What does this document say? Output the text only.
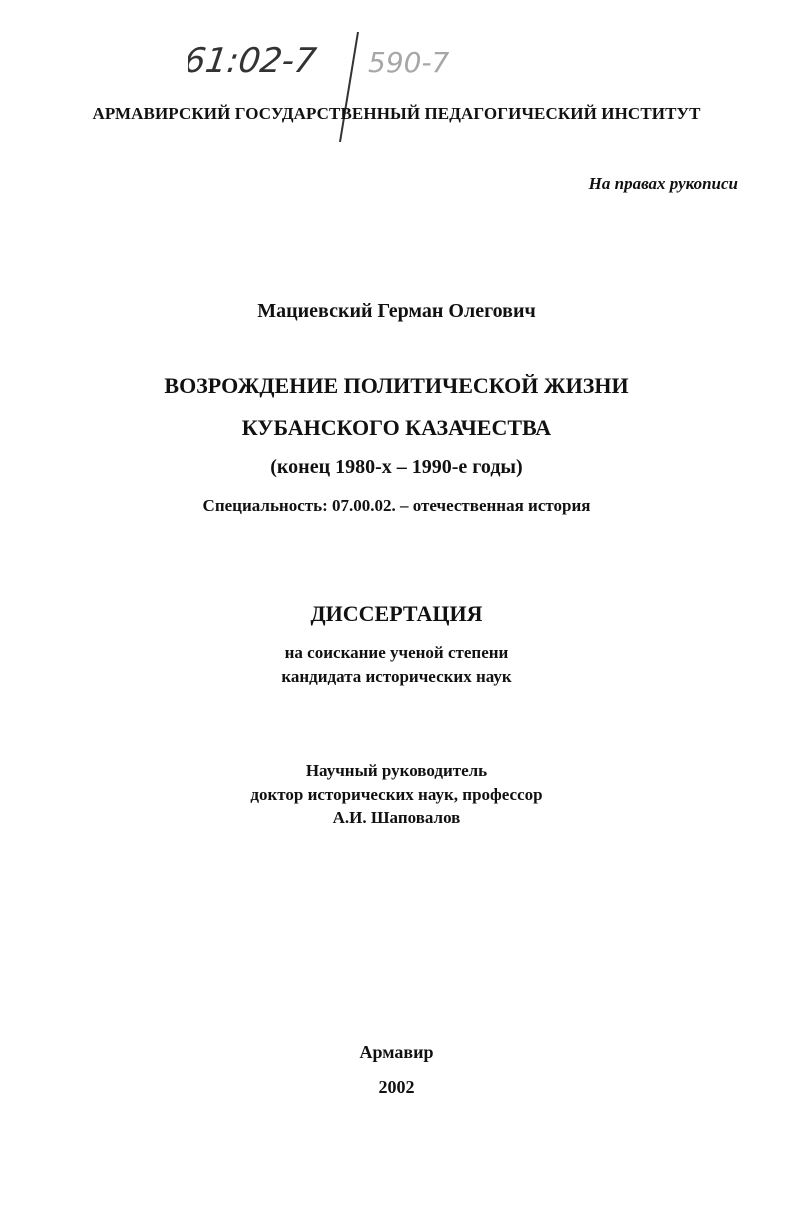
61:02-7 590-7
АРМАВИРСКИЙ ГОСУДАРСТВЕННЫЙ ПЕДАГОГИЧЕСКИЙ ИНСТИТУТ
На правах рукописи
Мациевский Герман Олегович
ВОЗРОЖДЕНИЕ ПОЛИТИЧЕСКОЙ ЖИЗНИ
КУБАНСКОГО КАЗАЧЕСТВА
(конец 1980-х – 1990-е годы)
Специальность: 07.00.02. – отечественная история
ДИССЕРТАЦИЯ
на соискание ученой степени
кандидата исторических наук
Научный руководитель
доктор исторических наук, профессор
А.И. Шаповалов
Армавир
2002
